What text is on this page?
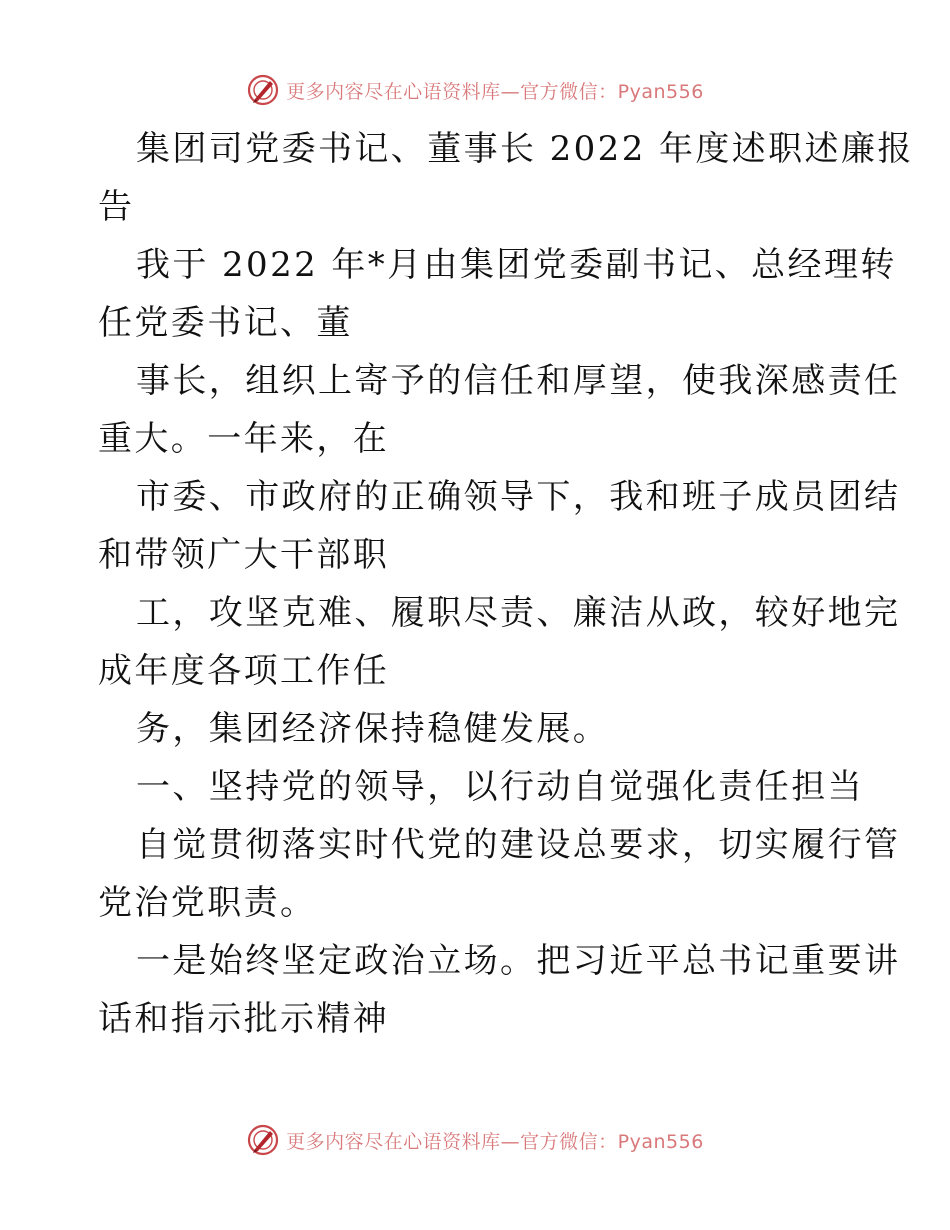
更多内容尽在心语资料库—官方微信：Pyan556
集团司党委书记、董事长 2022 年度述职述廉报
告
我于 2022 年*月由集团党委副书记、总经理转
任党委书记、董
事长，组织上寄予的信任和厚望，使我深感责任
重大。一年来，在
市委、市政府的正确领导下，我和班子成员团结
和带领广大干部职
工，攻坚克难、履职尽责、廉洁从政，较好地完
成年度各项工作任
务，集团经济保持稳健发展。
一、坚持党的领导，以行动自觉强化责任担当
自觉贯彻落实时代党的建设总要求，切实履行管
党治党职责。
一是始终坚定政治立场。把习近平总书记重要讲
话和指示批示精神
更多内容尽在心语资料库—官方微信：Pyan556
